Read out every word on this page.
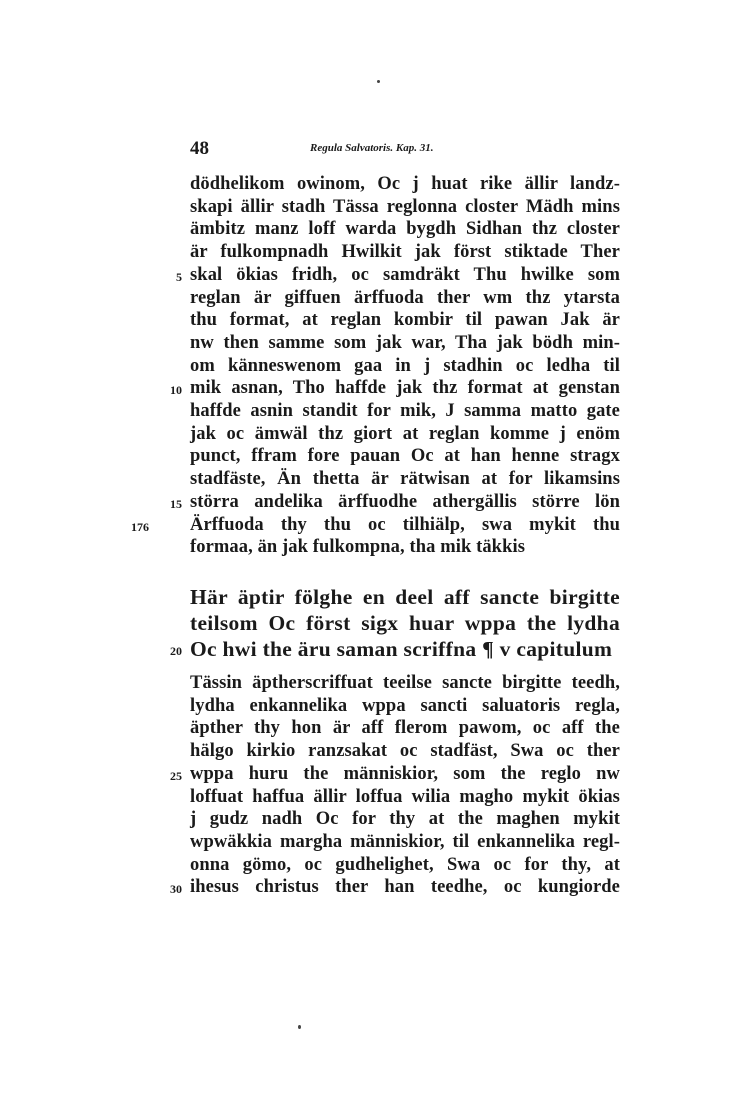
48	Regula Salvatoris. Kap. 31.
176
dödhelikom owinom, Oc j huat rike ällir landz-
skapi ällir stadh Tässa reglonna closter Mädh mins
ämbitz manz loff warda bygdh Sidhan thz closter
är fulkompnadh Hwilkit jak först stiktade Ther
skal ökias fridh, oc samdräkt Thu hwilke som
5
reglan är giffuen ärffuoda ther wm thz ytarsta
thu format, at reglan kombir til pawan Jak är
nw then samme som jak war, Tha jak bödh min-
om känneswenom gaa in j stadhin oc ledha til
mik asnan, Tho haffde jak thz format at genstan
10
haffde asnin standit for mik, J samma matto gate
jak oc ämwäl thz giort at reglan komme j enöm
punct, ffram fore pauan Oc at han henne stragx
stadfäste, Än thetta är rätwisan at for likamsins
störra andelika ärffuodhe athergällis större lön
15
Ärffuoda thy thu oc tilhiälp, swa mykit thu
formaa, än jak fulkompna, tha mik täkkis
Här äptir fölghe en deel aff sancte birgitte
teilsom Oc först sigx huar wppa the lydha
Oc hwi the äru saman scriffna ¶ v capitulum
20
Tässin äptherscriffuat teeilse sancte birgitte teedh,
lydha enkannelika wppa sancti saluatoris regla,
äpther thy hon är aff flerom pawom, oc aff the
hälgo kirkio ranzsakat oc stadfäst, Swa oc ther
wppa huru the människior, som the reglo nw
25
loffuat haffua ällir loffua wilia magho mykit ökias
j gudz nadh Oc for thy at the maghen mykit
wpwäkkia margha människior, til enkannelika regl-
onna gömo, oc gudhelighet, Swa oc for thy, at
ihesus christus ther han teedhe, oc kungiorde
30
